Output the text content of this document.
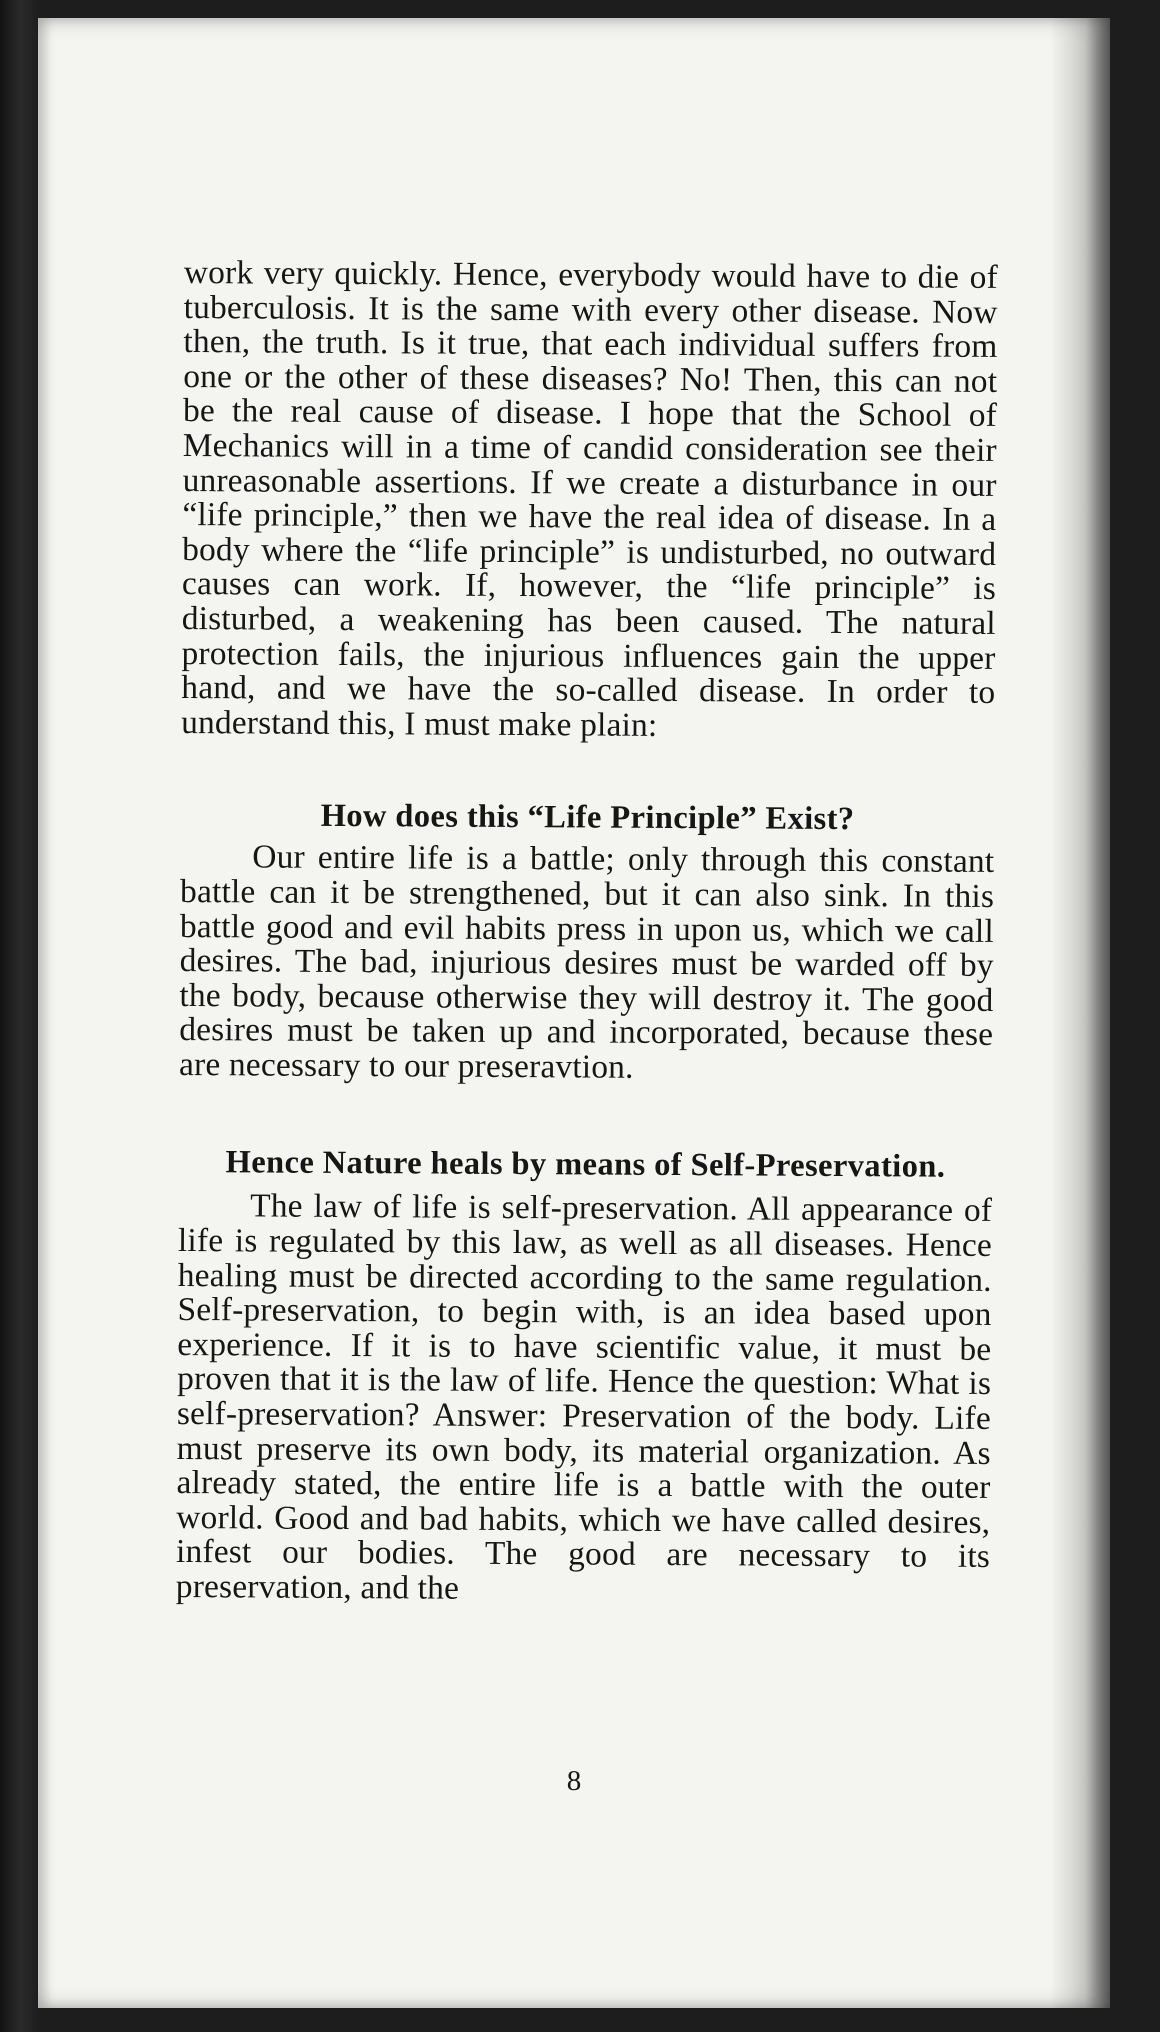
work very quickly. Hence, everybody would have to die of tuberculosis. It is the same with every other disease. Now then, the truth. Is it true, that each individual suffers from one or the other of these diseases? No! Then, this can not be the real cause of disease. I hope that the School of Mechanics will in a time of candid consideration see their unreasonable assertions. If we create a disturbance in our “life principle,” then we have the real idea of disease. In a body where the “life principle” is undisturbed, no outward causes can work. If, however, the “life principle” is disturbed, a weakening has been caused. The natural protection fails, the injurious influences gain the upper hand, and we have the so-called disease. In order to understand this, I must make plain:

How does this “Life Principle” Exist?

Our entire life is a battle; only through this constant battle can it be strengthened, but it can also sink. In this battle good and evil habits press in upon us, which we call desires. The bad, injurious desires must be warded off by the body, because otherwise they will destroy it. The good desires must be taken up and incorporated, because these are necessary to our preseravtion.

Hence Nature heals by means of Self-Preservation.

The law of life is self-preservation. All appearance of life is regulated by this law, as well as all diseases. Hence healing must be directed according to the same regulation. Self-preservation, to begin with, is an idea based upon experience. If it is to have scientific value, it must be proven that it is the law of life. Hence the question: What is self-preservation? Answer: Preservation of the body. Life must preserve its own body, its material organization. As already stated, the entire life is a battle with the outer world. Good and bad habits, which we have called desires, infest our bodies. The good are necessary to its preservation, and the

8
